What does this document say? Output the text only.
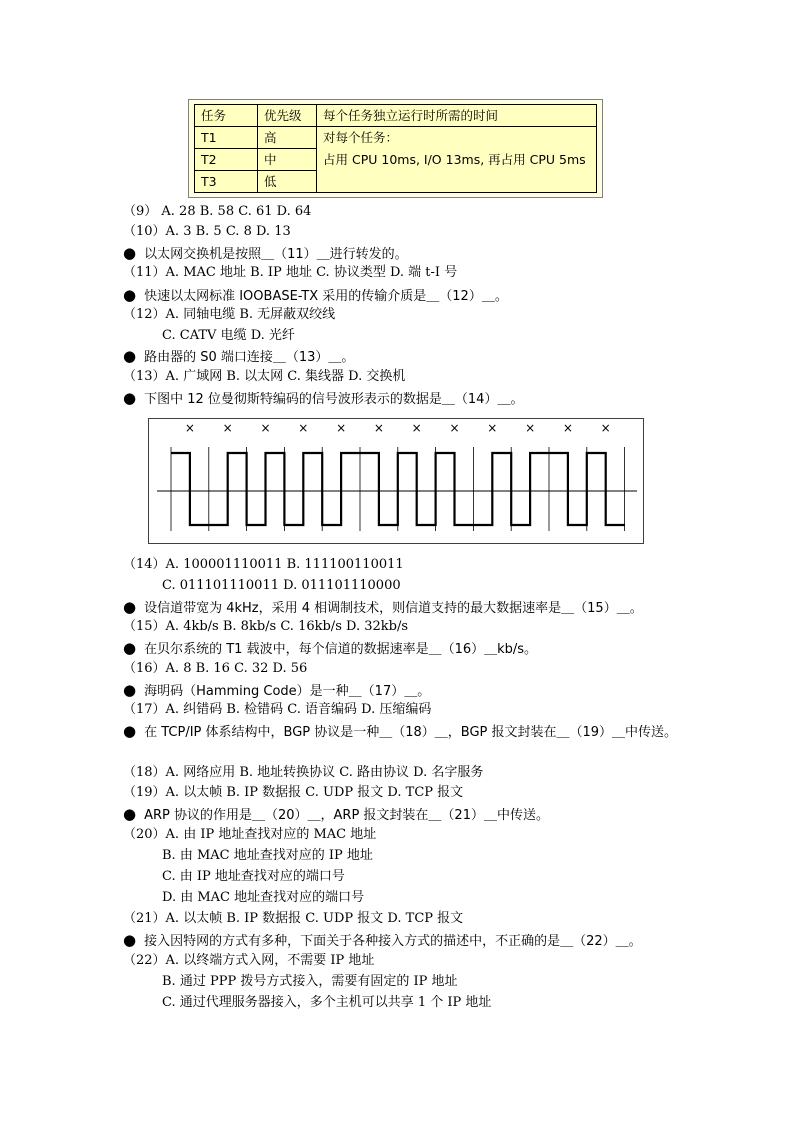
任务	优先级	每个任务独立运行时所需的时间
T1	高	对每个任务：
占用 CPU 10ms, I/O 13ms, 再占用 CPU 5ms

T2	中	
T3	低	
（9） A. 28 B. 58 C. 61 D. 64
（10）A. 3 B. 5 C. 8 D. 13
● 以太网交换机是按照＿（11）＿进行转发的。
（11）A. MAC 地址 B. IP 地址 C. 协议类型 D. 端 t-I 号
● 快速以太网标准 IOOBASE-TX 采用的传输介质是＿（12）＿。
（12）A. 同轴电缆 B. 无屏蔽双绞线
C. CATV 电缆 D. 光纤
● 路由器的 S0 端口连接＿（13）＿。
（13）A. 广域网 B. 以太网 C. 集线器 D. 交换机
● 下图中 12 位曼彻斯特编码的信号波形表示的数据是＿（14）＿。
× × × × × × × × × × × ×
（14）A. 100001110011 B. 111100110011
C. 011101110011 D. 011101110000
● 设信道带宽为 4kHz，采用 4 相调制技术，则信道支持的最大数据速率是＿（15）＿。
（15）A. 4kb/s B. 8kb/s C. 16kb/s D. 32kb/s
● 在贝尔系统的 T1 载波中，每个信道的数据速率是＿（16）＿kb/s。
（16）A. 8 B. 16 C. 32 D. 56
● 海明码（Hamming Code）是一种＿（17）＿。
（17）A. 纠错码 B. 检错码 C. 语音编码 D. 压缩编码
● 在 TCP/IP 体系结构中，BGP 协议是一种＿（18）＿，BGP 报文封装在＿（19）＿中传送。
（18）A. 网络应用 B. 地址转换协议 C. 路由协议 D. 名字服务
（19）A. 以太帧 B. IP 数据报 C. UDP 报文 D. TCP 报文
● ARP 协议的作用是＿（20）＿，ARP 报文封装在＿（21）＿中传送。
（20）A. 由 IP 地址查找对应的 MAC 地址
B. 由 MAC 地址查找对应的 IP 地址
C. 由 IP 地址查找对应的端口号
D. 由 MAC 地址查找对应的端口号
（21）A. 以太帧 B. IP 数据报 C. UDP 报文 D. TCP 报文
● 接入因特网的方式有多种，下面关于各种接入方式的描述中，不正确的是＿（22）＿。
（22）A. 以终端方式入网，不需要 IP 地址
B. 通过 PPP 拨号方式接入，需要有固定的 IP 地址
C. 通过代理服务器接入，多个主机可以共享 1 个 IP 地址
